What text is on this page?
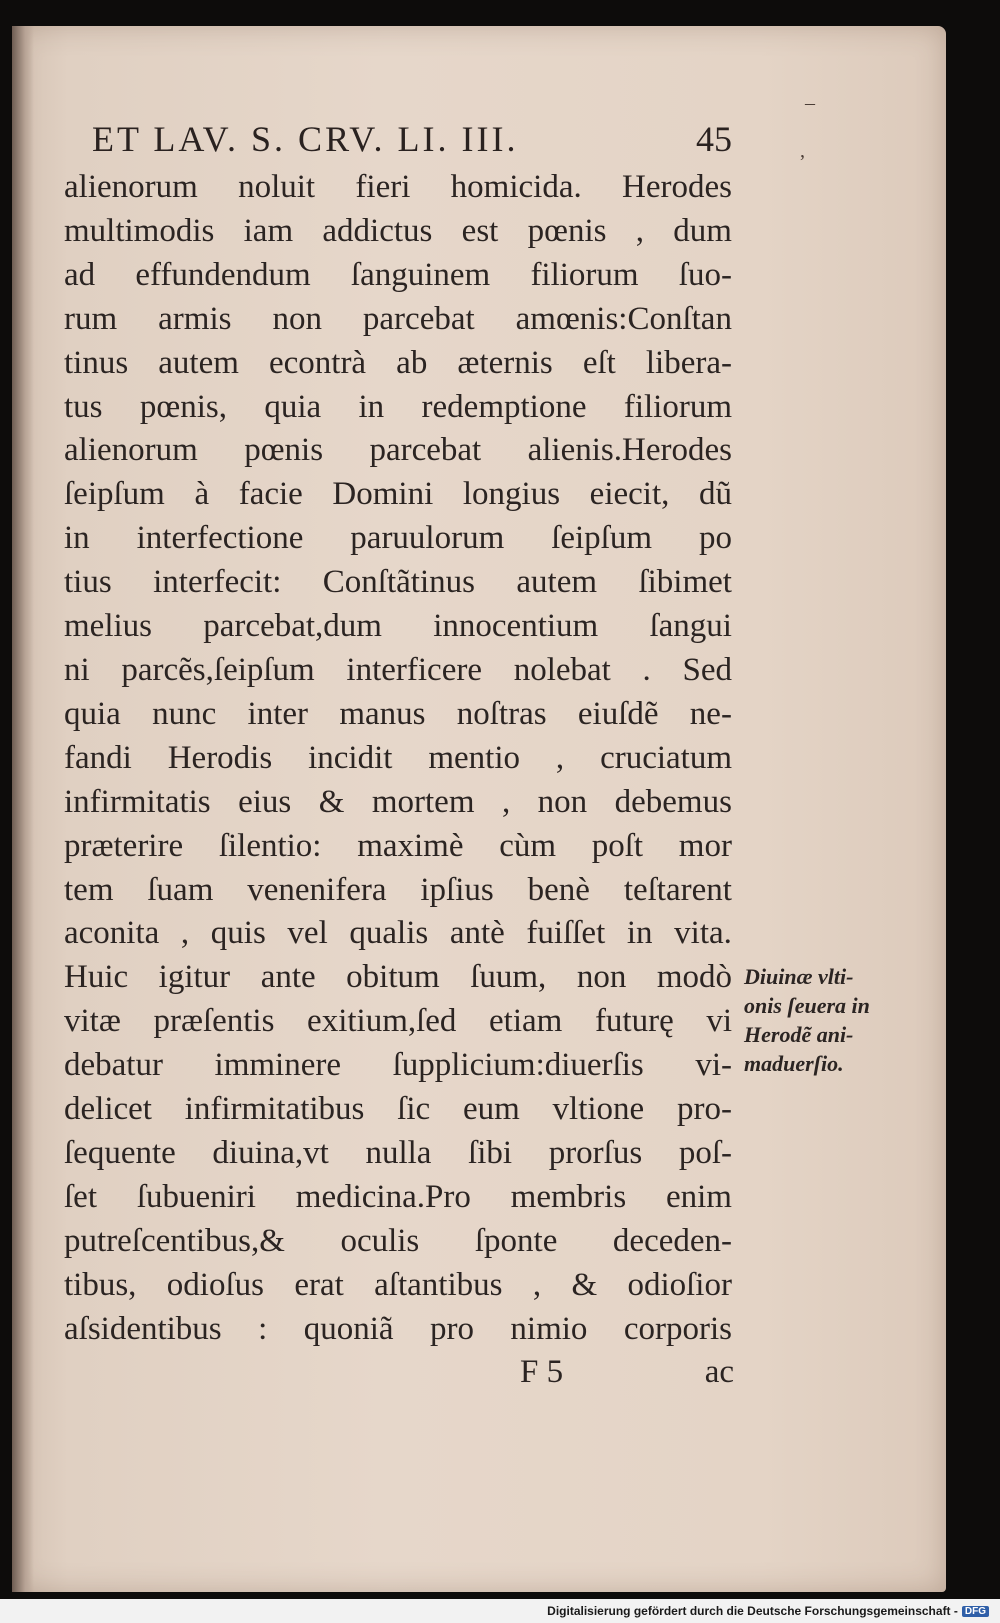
ET LAV. S. CRV. LI. III.	45
–
,
alienorum noluit fieri homicida. Herodes
multimodis iam addictus est pœnis , dum
ad effundendum ſanguinem filiorum ſuo-
rum armis non parcebat amœnis:Conſtan
tinus autem econtrà ab æternis eſt libera-
tus pœnis, quia in redemptione filiorum
alienorum pœnis parcebat alienis.Herodes
ſeipſum à facie Domini longius eiecit, dũ
in interfectione paruulorum ſeipſum po
tius interfecit: Conſtãtinus autem ſibimet
melius parcebat,dum innocentium ſangui
ni parcẽs,ſeipſum interficere nolebat . Sed
quia nunc inter manus noſtras eiuſdẽ ne-
fandi Herodis incidit mentio , cruciatum
infirmitatis eius & mortem , non debemus
præterire ſilentio: maximè cùm poſt mor
tem ſuam venenifera ipſius benè teſtarent
aconita , quis vel qualis antè fuiſſet in vita.
Huic igitur ante obitum ſuum, non modò
vitæ præſentis exitium,ſed etiam futurę vi
debatur imminere ſupplicium:diuerſis vi-
delicet infirmitatibus ſic eum vltione pro-
ſequente diuina,vt nulla ſibi prorſus poſ-
ſet ſubueniri medicina.Pro membris enim
putreſcentibus,& oculis ſponte deceden-
tibus, odioſus erat aſtantibus , & odioſior
aſsidentibus : quoniã pro nimio corporis
Diuinæ vlti-
onis ſeuera in
Herodẽ ani-
maduerſio.
F 5	ac
Digitalisierung gefördert durch die Deutsche Forschungsgemeinschaft - DFG
